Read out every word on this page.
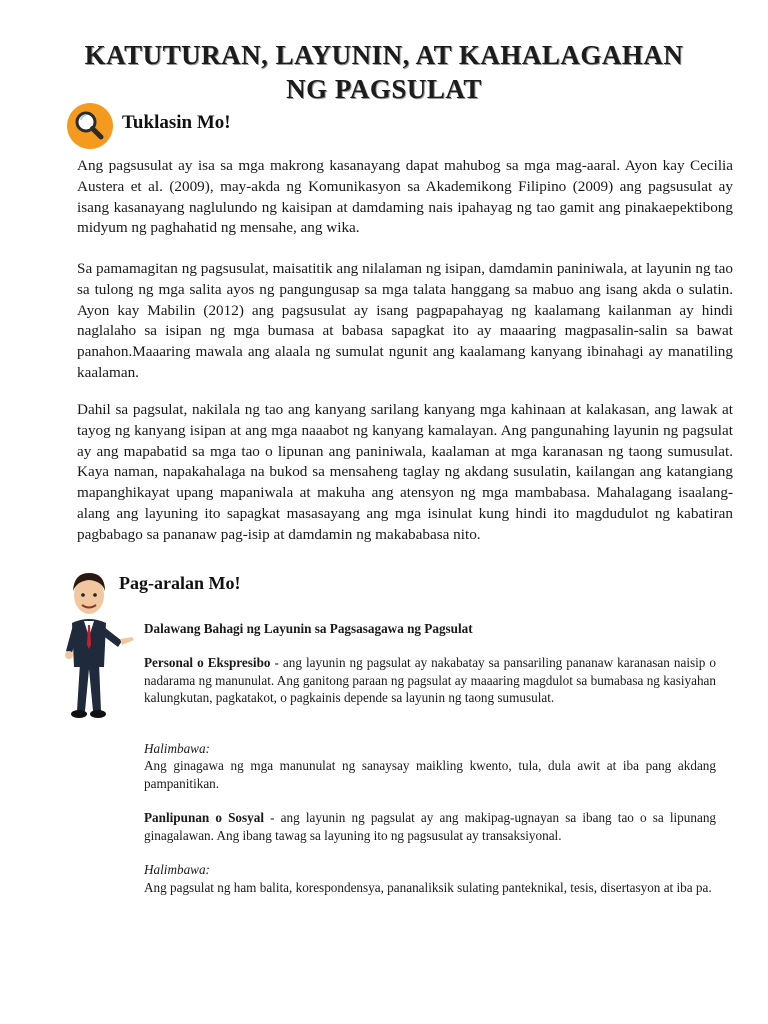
KATUTURAN, LAYUNIN, AT KAHALAGAHAN
NG PAGSULAT
Tuklasin Mo!

Ang pagsusulat ay isa sa mga makrong kasanayang dapat mahubog sa mga mag-aaral. Ayon kay Cecilia Austera et al. (2009), may-akda ng Komunikasyon sa Akademikong Filipino (2009) ang pagsusulat ay isang kasanayang naglulundo ng kaisipan at damdaming nais ipahayag ng tao gamit ang pinakaepektibong midyum ng paghahatid ng mensahe, ang wika.

Sa pamamagitan ng pagsusulat, maisatitik ang nilalaman ng isipan, damdamin paniniwala, at layunin ng tao sa tulong ng mga salita ayos ng pangungusap sa mga talata hanggang sa mabuo ang isang akda o sulatin. Ayon kay Mabilin (2012) ang pagsusulat ay isang pagpapahayag ng kaalamang kailanman ay hindi naglalaho sa isipan ng mga bumasa at babasa sapagkat ito ay maaaring magpasalin-salin sa bawat panahon.Maaaring mawala ang alaala ng sumulat ngunit ang kaalamang kanyang ibinahagi ay manatiling kaalaman.

Dahil sa pagsulat, nakilala ng tao ang kanyang sarilang kanyang mga kahinaan at kalakasan, ang lawak at tayog ng kanyang isipan at ang mga naaabot ng kanyang kamalayan. Ang pangunahing layunin ng pagsulat ay ang mapabatid sa mga tao o lipunan ang paniniwala, kaalaman at mga karanasan ng taong sumusulat. Kaya naman, napakahalaga na bukod sa mensaheng taglay ng akdang susulatin, kailangan ang katangiang mapanghikayat upang mapaniwala at makuha ang atensyon ng mga mambabasa. Mahalagang isaalang-alang ang layuning ito sapagkat masasayang ang mga isinulat kung hindi ito magdudulot ng kabatiran pagbabago sa pananaw pag-isip at damdamin ng makababasa nito.

Pag-aralan Mo!

Dalawang Bahagi ng Layunin sa Pagsasagawa ng Pagsulat

Personal o Ekspresibo - ang layunin ng pagsulat ay nakabatay sa pansariling pananaw karanasan naisip o nadarama ng manunulat. Ang ganitong paraan ng pagsulat ay maaaring magdulot sa bumabasa ng kasiyahan kalungkutan, pagkatakot, o pagkainis depende sa layunin ng taong sumusulat.

Halimbawa:

Ang ginagawa ng mga manunulat ng sanaysay maikling kwento, tula, dula awit at iba pang akdang pampanitikan.

Panlipunan o Sosyal - ang layunin ng pagsulat ay ang makipag-ugnayan sa ibang tao o sa lipunang ginagalawan. Ang ibang tawag sa layuning ito ng pagsusulat ay transaksiyonal.

Halimbawa:

Ang pagsulat ng ham balita, korespondensya, pananaliksik sulating panteknikal, tesis, disertasyon at iba pa.
